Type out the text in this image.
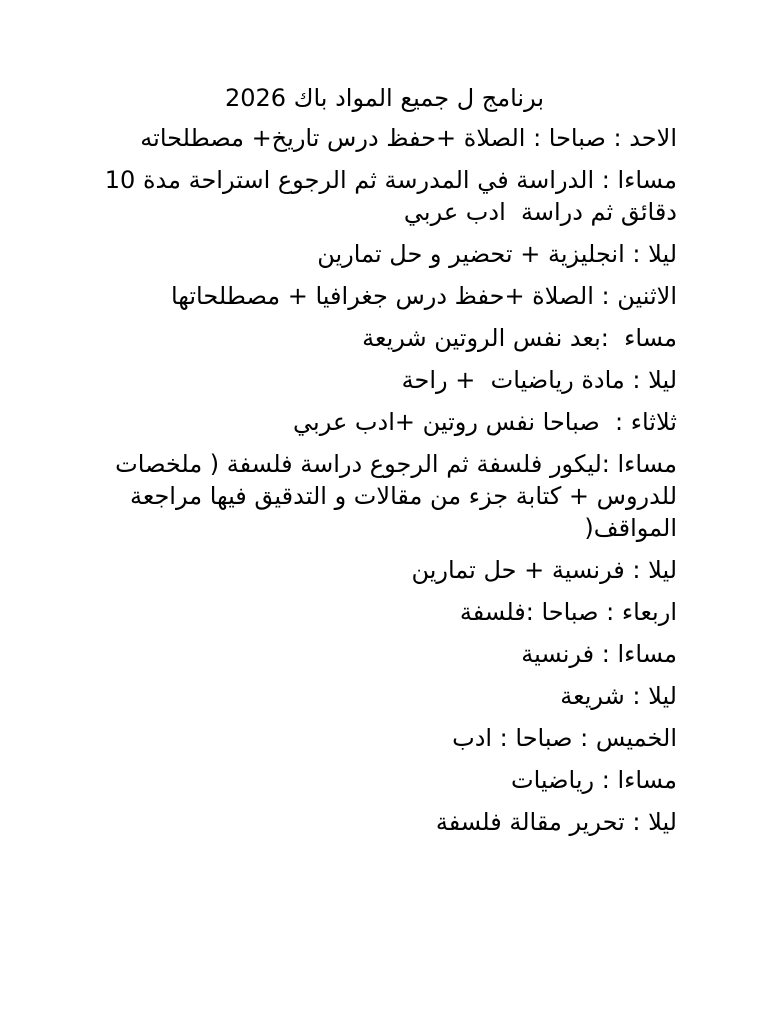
برنامج ل جميع المواد باك 2026
الاحد : صباحا : الصلاة +حفظ درس تاريخ+ مصطلحاته
مساءا : الدراسة في المدرسة ثم الرجوع استراحة مدة 10 دقائق ثم دراسة  ادب عربي
ليلا : انجليزية + تحضير و حل تمارين
الاثنين : الصلاة +حفظ درس جغرافيا + مصطلحاتها
مساء  :بعد نفس الروتين شريعة
ليلا : مادة رياضيات  + راحة
ثلاثاء :  صباحا نفس روتين +ادب عربي
مساءا :ليكور فلسفة ثم الرجوع دراسة فلسفة ( ملخصات للدروس + كتابة جزء من مقالات و التدقيق فيها مراجعة المواقف(
ليلا : فرنسية + حل تمارين
اربعاء : صباحا :فلسفة
مساءا : فرنسية
ليلا : شريعة
الخميس : صباحا : ادب
مساءا : رياضيات
ليلا : تحرير مقالة فلسفة
